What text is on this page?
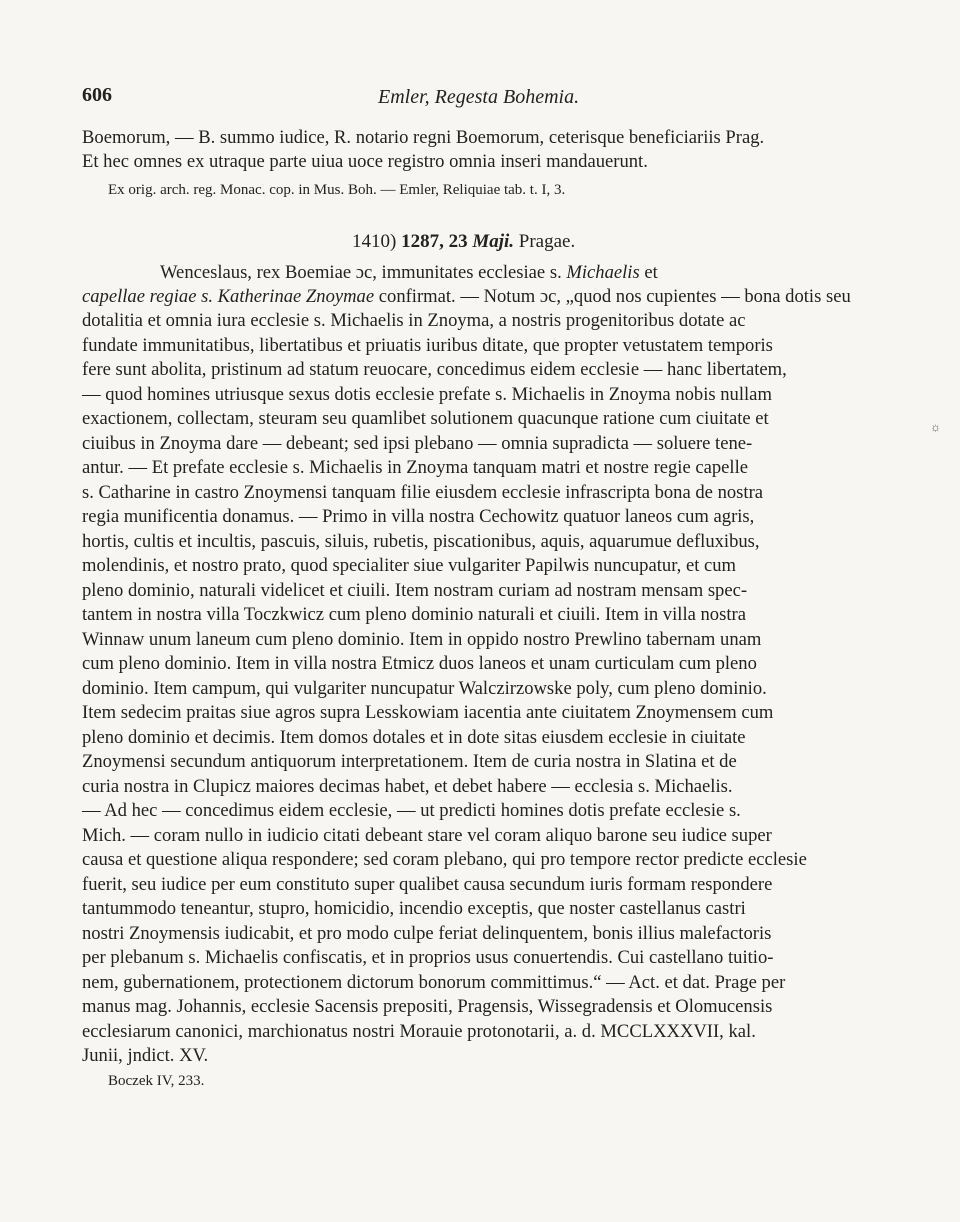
606	Emler, Regesta Bohemia.
Boemorum, — B. summo iudice, R. notario regni Boemorum, ceterisque beneficiariis Prag.
Et hec omnes ex utraque parte uiua uoce registro omnia inseri mandauerunt.
Ex orig. arch. reg. Monac. cop. in Mus. Boh. — Emler, Reliquiae tab. t. I, 3.
1410) 1287, 23 Maji. Pragae.
Wenceslaus, rex Boemiae ɔc, immunitates ecclesiae s. Michaelis et
capellae regiae s. Katherinae Znoymae confirmat. — Notum ɔc, „quod nos cupientes — bona dotis seu
dotalitia et omnia iura ecclesie s. Michaelis in Znoyma, a nostris progenitoribus dotate ac
fundate immunitatibus, libertatibus et priuatis iuribus ditate, que propter vetustatem temporis
fere sunt abolita, pristinum ad statum reuocare, concedimus eidem ecclesie — hanc libertatem,
— quod homines utriusque sexus dotis ecclesie prefate s. Michaelis in Znoyma nobis nullam
exactionem, collectam, steuram seu quamlibet solutionem quacunque ratione cum ciuitate et
ciuibus in Znoyma dare — debeant; sed ipsi plebano — omnia supradicta — soluere tene-
antur. — Et prefate ecclesie s. Michaelis in Znoyma tanquam matri et nostre regie capelle
s. Catharine in castro Znoymensi tanquam filie eiusdem ecclesie infrascripta bona de nostra
regia munificentia donamus. — Primo in villa nostra Cechowitz quatuor laneos cum agris,
hortis, cultis et incultis, pascuis, siluis, rubetis, piscationibus, aquis, aquarumue defluxibus,
molendinis, et nostro prato, quod specialiter siue vulgariter Papilwis nuncupatur, et cum
pleno dominio, naturali videlicet et ciuili. Item nostram curiam ad nostram mensam spec-
tantem in nostra villa Toczkwicz cum pleno dominio naturali et ciuili. Item in villa nostra
Winnaw unum laneum cum pleno dominio. Item in oppido nostro Prewlino tabernam unam
cum pleno dominio. Item in villa nostra Etmicz duos laneos et unam curticulam cum pleno
dominio. Item campum, qui vulgariter nuncupatur Walczirzowske poly, cum pleno dominio.
Item sedecim praitas siue agros supra Lesskowiam iacentia ante ciuitatem Znoymensem cum
pleno dominio et decimis. Item domos dotales et in dote sitas eiusdem ecclesie in ciuitate
Znoymensi secundum antiquorum interpretationem. Item de curia nostra in Slatina et de
curia nostra in Clupicz maiores decimas habet, et debet habere — ecclesia s. Michaelis.
— Ad hec — concedimus eidem ecclesie, — ut predicti homines dotis prefate ecclesie s.
Mich. — coram nullo in iudicio citati debeant stare vel coram aliquo barone seu iudice super
causa et questione aliqua respondere; sed coram plebano, qui pro tempore rector predicte ecclesie
fuerit, seu iudice per eum constituto super qualibet causa secundum iuris formam respondere
tantummodo teneantur, stupro, homicidio, incendio exceptis, que noster castellanus castri
nostri Znoymensis iudicabit, et pro modo culpe feriat delinquentem, bonis illius malefactoris
per plebanum s. Michaelis confiscatis, et in proprios usus conuertendis. Cui castellano tuitio-
nem, gubernationem, protectionem dictorum bonorum committimus.“ — Act. et dat. Prage per
manus mag. Johannis, ecclesie Sacensis prepositi, Pragensis, Wissegradensis et Olomucensis
ecclesiarum canonici, marchionatus nostri Morauie protonotarii, a. d. MCCLXXXVII, kal.
Junii, jndict. XV.
Boczek IV, 233.
☼
